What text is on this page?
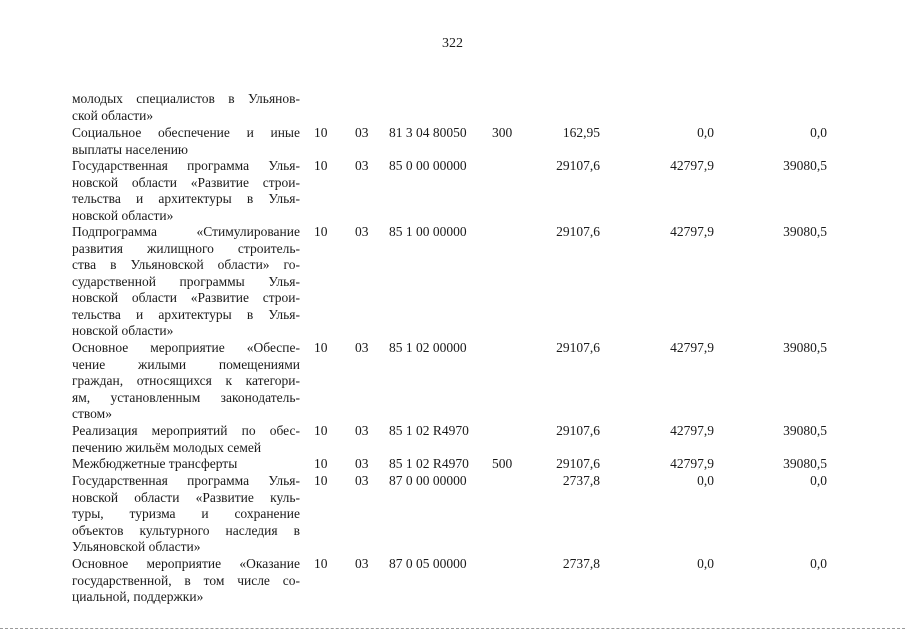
322
молодых специалистов в Ульянов-
ской области»
Социальное обеспечение и иные
выплаты населению
10 03 81 3 04 80050 300	162,95	0,0	0,0
Государственная программа Улья-
новской области «Развитие строи-
тельства и архитектуры в Улья-
новской области»
10 03 85 0 00 00000	29107,6	42797,9	39080,5
Подпрограмма «Стимулирование
развития жилищного строитель-
ства в Ульяновской области» го-
сударственной программы Улья-
новской области «Развитие строи-
тельства и архитектуры в Улья-
новской области»
10 03 85 1 00 00000	29107,6	42797,9	39080,5
Основное мероприятие «Обеспе-
чение жилыми помещениями
граждан, относящихся к категори-
ям, установленным законодатель-
ством»
10 03 85 1 02 00000	29107,6	42797,9	39080,5
Реализация мероприятий по обес-
печению жильём молодых семей
10 03 85 1 02 R4970	29107,6	42797,9	39080,5
Межбюджетные трансферты	10 03 85 1 02 R4970 500	29107,6	42797,9	39080,5
Государственная программа Улья-
новской области «Развитие куль-
туры, туризма и сохранение
объектов культурного наследия в
Ульяновской области»
10 03 87 0 00 00000	2737,8	0,0	0,0
Основное мероприятие «Оказание
государственной, в том числе со-
циальной, поддержки»
10 03 87 0 05 00000	2737,8	0,0	0,0
